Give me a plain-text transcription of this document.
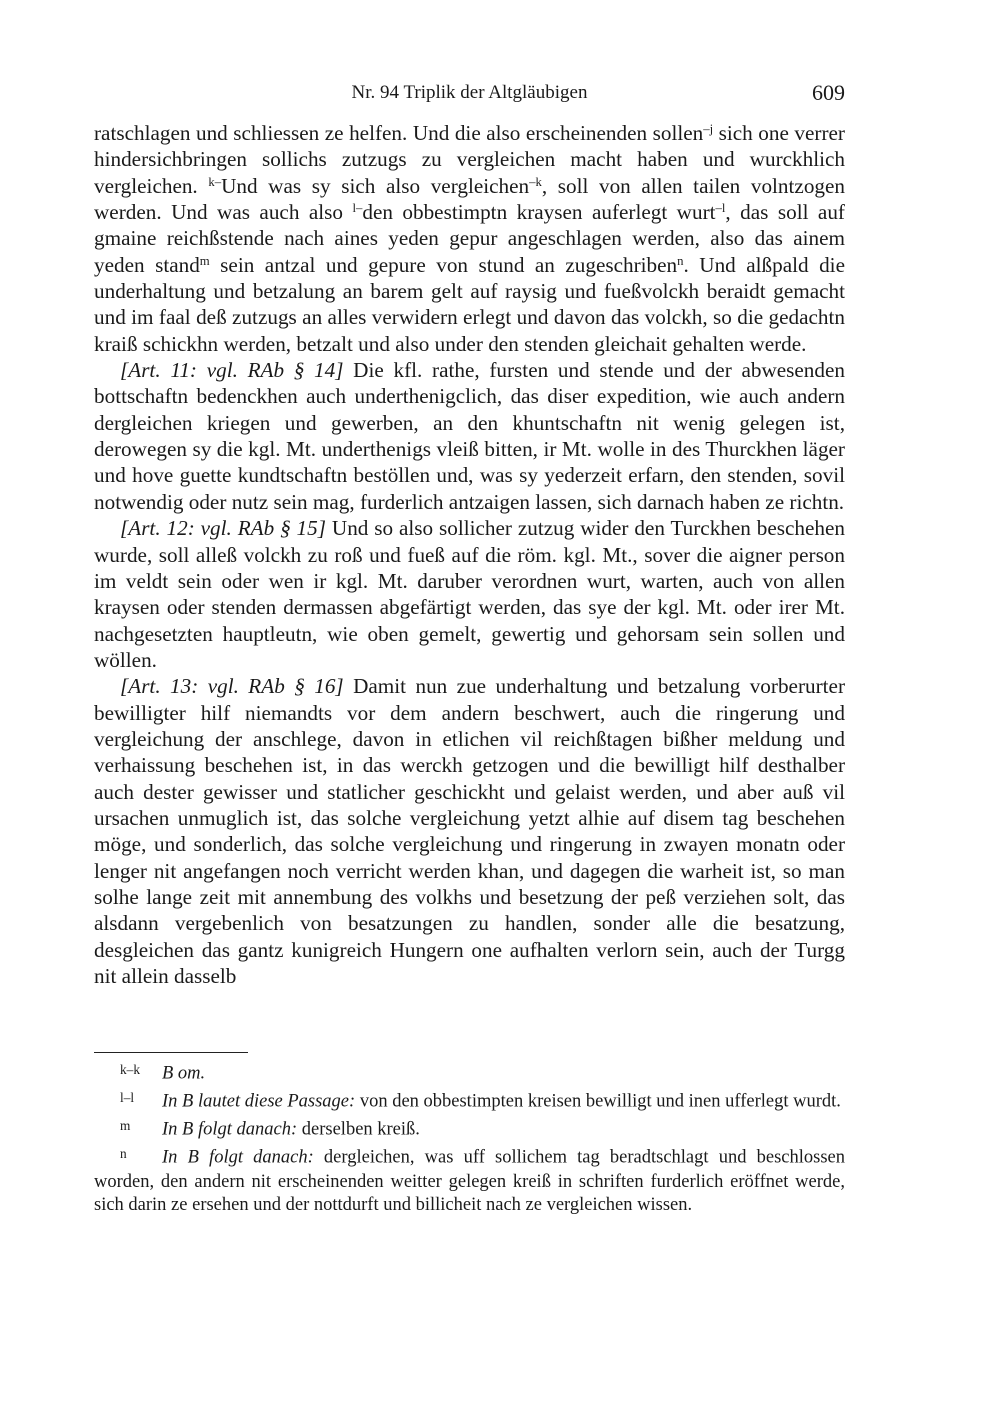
Nr. 94 Triplik der Altgläubigen	609

ratschlagen und schliessen ze helfen. Und die also erscheinenden sollen$^{-j}$ sich one verrer hindersichbringen sollichs zutzugs zu vergleichen macht haben und wurckhlich vergleichen. $^{k-}$Und was sy sich also vergleichen$^{-k}$, soll von allen tailen volntzogen werden. Und was auch also $^{l-}$den obbestimptn kraysen auferlegt wurt$^{-l}$, das soll auf gmaine reichßstende nach aines yeden gepur angeschlagen werden, also das ainem yeden stand$^m$ sein antzal und gepure von stund an zugeschriben$^n$. Und alßpald die underhaltung und betzalung an barem gelt auf raysig und fueßvolckh beraidt gemacht und im faal deß zutzugs an alles verwidern erlegt und davon das volckh, so die gedachtn kraiß schickhn werden, betzalt und also under den stenden gleichait gehalten werde.

[Art. 11: vgl. RAb § 14] Die kfl. rathe, fursten und stende und der abwesenden bottschaftn bedenckhen auch underthenigclich, das diser expedition, wie auch andern dergleichen kriegen und gewerben, an den khuntschaftn nit wenig gelegen ist, derowegen sy die kgl. Mt. underthenigs vleiß bitten, ir Mt. wolle in des Thurckhen läger und hove guette kundtschaftn bestöllen und, was sy yederzeit erfarn, den stenden, sovil notwendig oder nutz sein mag, furderlich antzaigen lassen, sich darnach haben ze richtn.

[Art. 12: vgl. RAb § 15] Und so also sollicher zutzug wider den Turckhen beschehen wurde, soll alleß volckh zu roß und fueß auf die röm. kgl. Mt., sover die aigner person im veldt sein oder wen ir kgl. Mt. daruber verordnen wurt, warten, auch von allen kraysen oder stenden dermassen abgefärtigt werden, das sye der kgl. Mt. oder irer Mt. nachgesetzten hauptleutn, wie oben gemelt, gewertig und gehorsam sein sollen und wöllen.

[Art. 13: vgl. RAb § 16] Damit nun zue underhaltung und betzalung vorberurter bewilligter hilf niemandts vor dem andern beschwert, auch die ringerung und vergleichung der anschlege, davon in etlichen vil reichßtagen bißher meldung und verhaissung beschehen ist, in das werckh getzogen und die bewilligt hilf desthalber auch dester gewisser und statlicher geschickht und gelaist werden, und aber auß vil ursachen unmuglich ist, das solche vergleichung yetzt alhie auf disem tag beschehen möge, und sonderlich, das solche vergleichung und ringerung in zwayen monatn oder lenger nit angefangen noch verricht werden khan, und dagegen die warheit ist, so man solhe lange zeit mit annembung des volkhs und besetzung der peß verziehen solt, das alsdann vergebenlich von besatzungen zu handlen, sonder alle die besatzung, desgleichen das gantz kunigreich Hungern one aufhalten verlorn sein, auch der Turgg nit allein dasselb

k–k B om.

l–l In B lautet diese Passage: von den obbestimpten kreisen bewilligt und inen ufferlegt wurdt.

m In B folgt danach: derselben kreiß.

n In B folgt danach: dergleichen, was uff sollichem tag beradtschlagt und beschlossen worden, den andern nit erscheinenden weitter gelegen kreiß in schriften furderlich eröffnet werde, sich darin ze ersehen und der nottdurft und billicheit nach ze vergleichen wissen.
